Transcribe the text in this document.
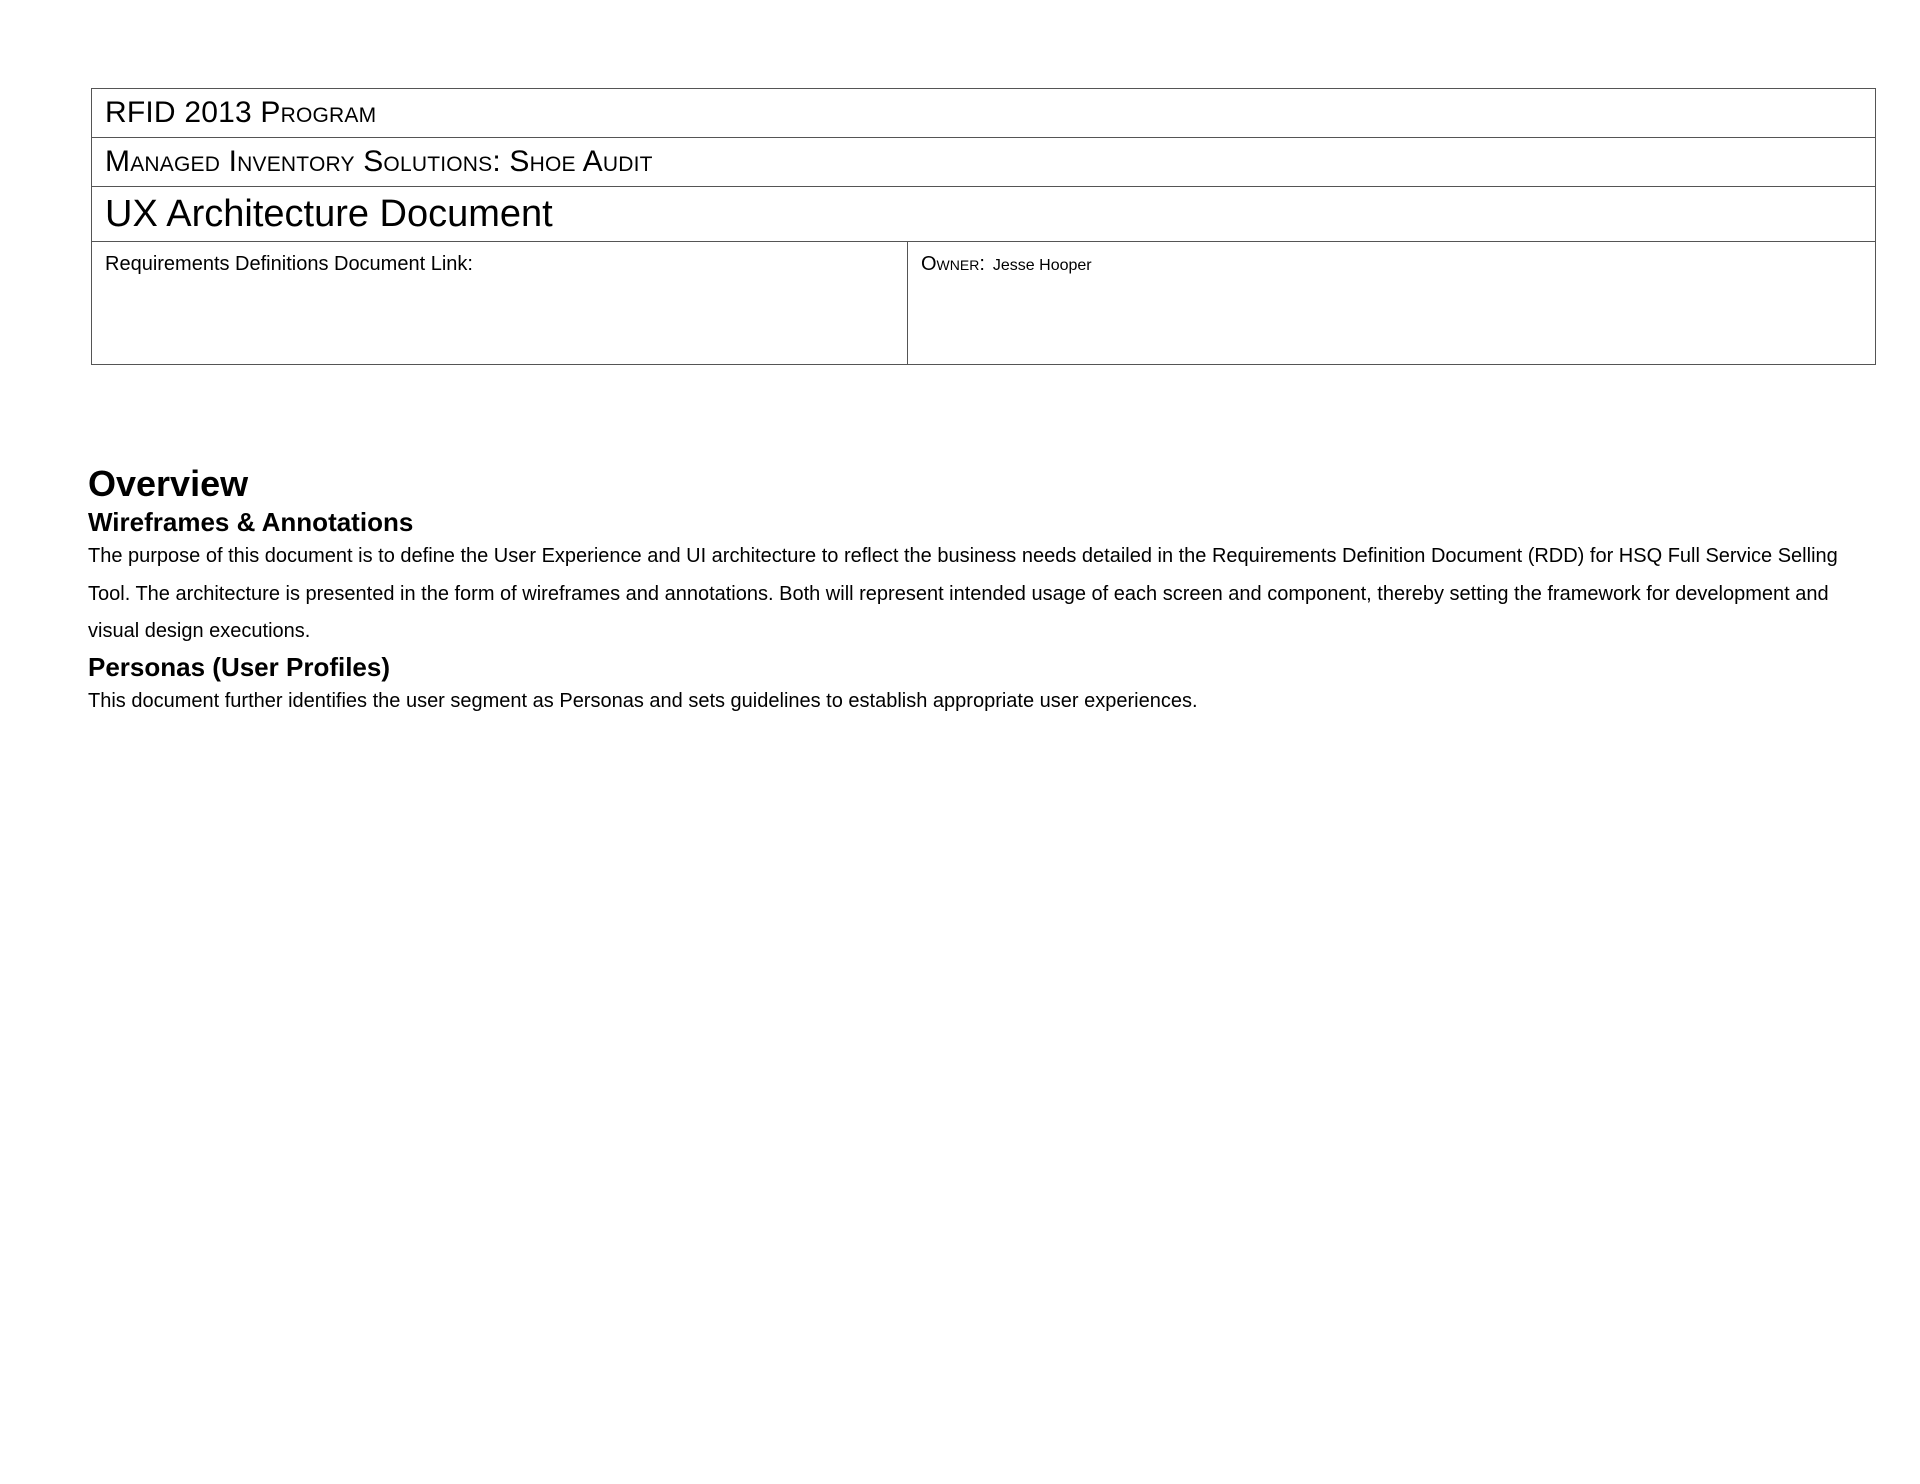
RFID 2013 Program
Managed Inventory Solutions: Shoe Audit
UX Architecture Document
Requirements Definitions Document Link:	Owner: Jesse Hooper
Overview
Wireframes & Annotations

The purpose of this document is to define the User Experience and UI architecture to reflect the business needs detailed in the Requirements Definition Document (RDD) for HSQ Full Service Selling Tool. The architecture is presented in the form of wireframes and annotations. Both will represent intended usage of each screen and component, thereby setting the framework for development and visual design executions.

Personas (User Profiles)

This document further identifies the user segment as Personas and sets guidelines to establish appropriate user experiences.
